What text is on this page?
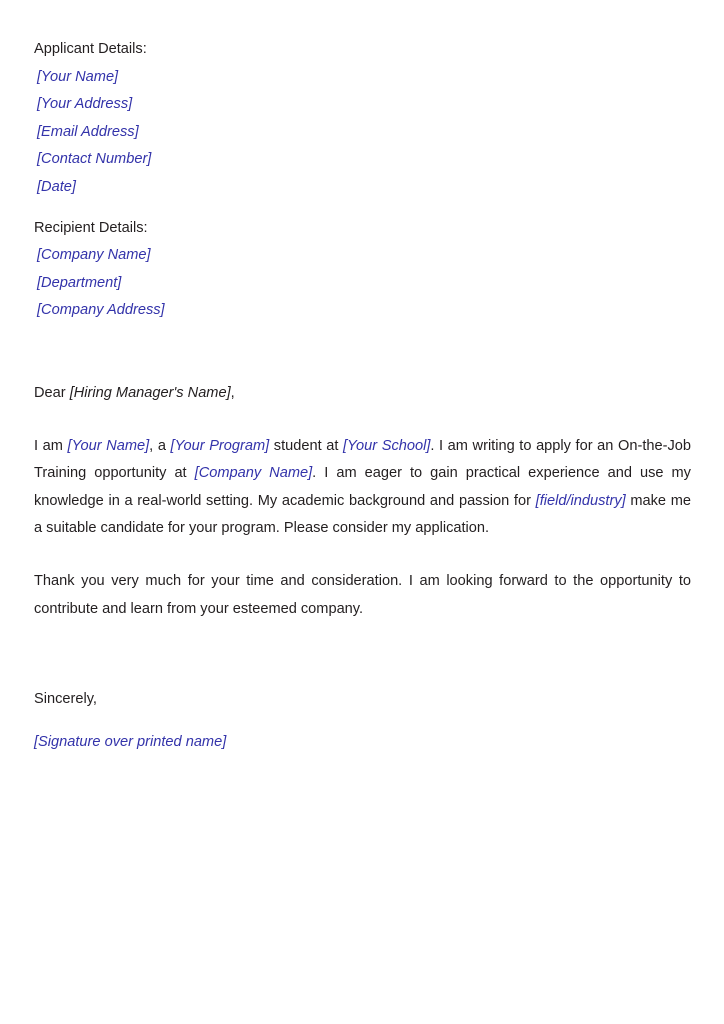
Applicant Details:
[Your Name]
[Your Address]
[Email Address]
[Contact Number]
[Date]
Recipient Details:
[Company Name]
[Department]
[Company Address]
Dear [Hiring Manager's Name],

I am [Your Name], a [Your Program] student at [Your School]. I am writing to apply for an On-the-Job Training opportunity at [Company Name]. I am eager to gain practical experience and use my knowledge in a real-world setting. My academic background and passion for [field/industry] make me a suitable candidate for your program. Please consider my application.

Thank you very much for your time and consideration. I am looking forward to the opportunity to contribute and learn from your esteemed company.

Sincerely,
[Signature over printed name]
